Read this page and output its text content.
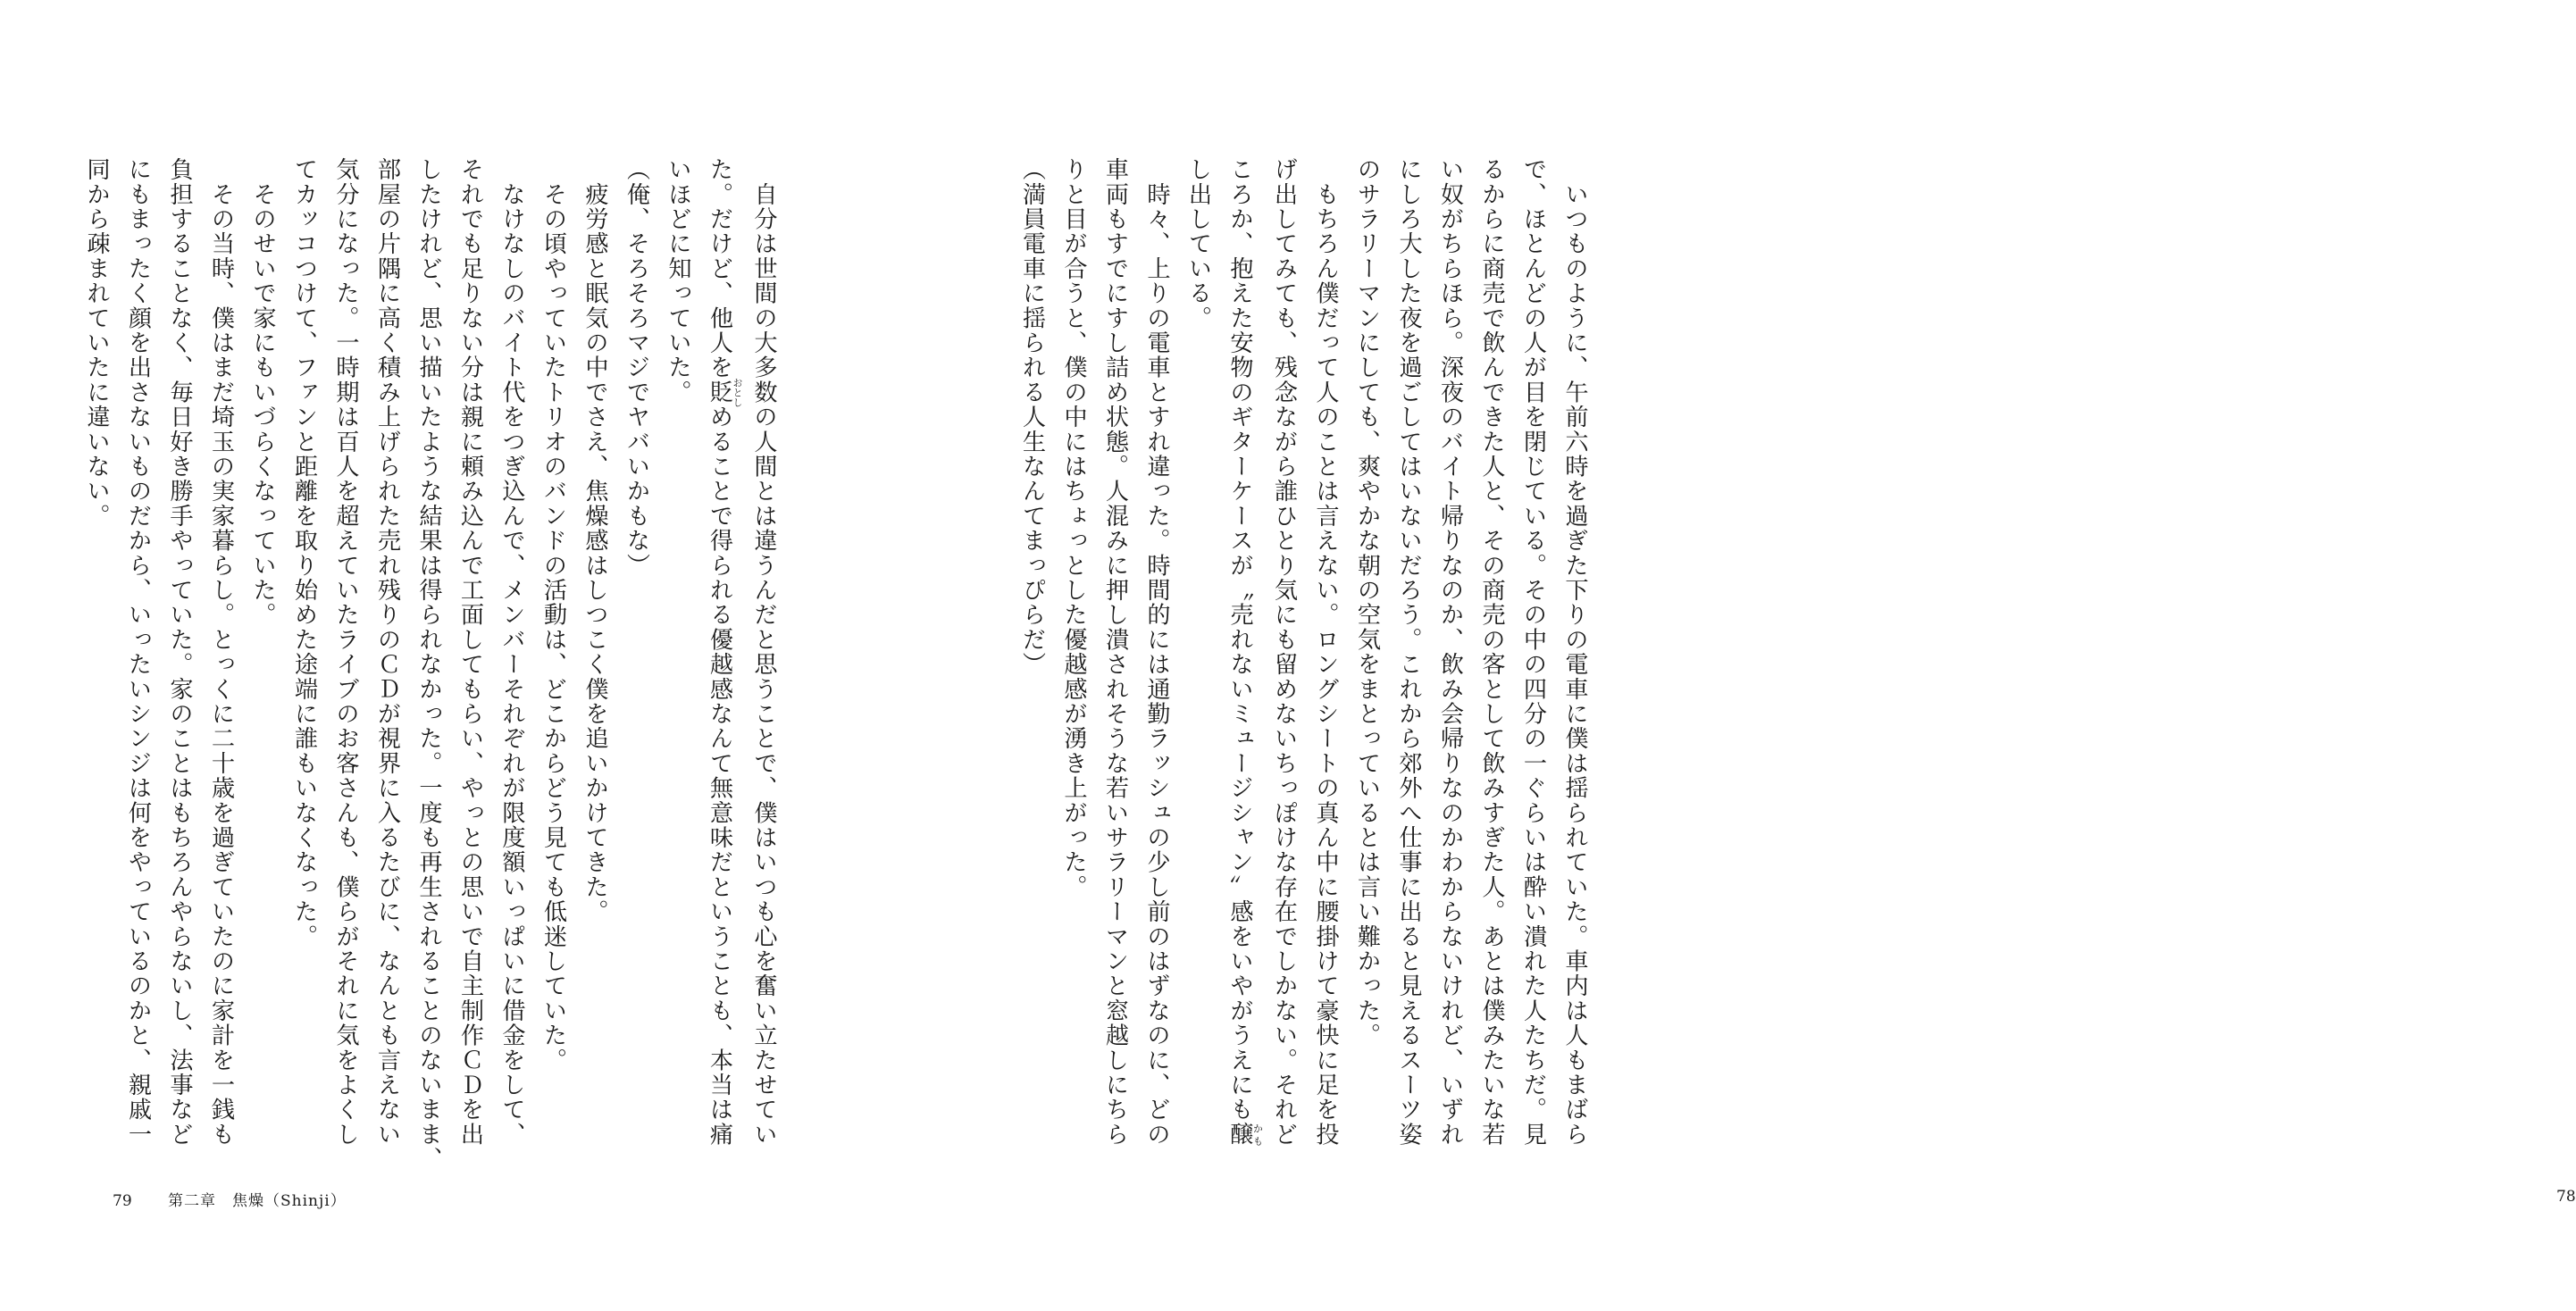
　いつものように、午前六時を過ぎた下りの電車に僕は揺られていた。車内は人もまばら
で、ほとんどの人が目を閉じている。その中の四分の一ぐらいは酔い潰れた人たちだ。見
るからに商売で飲んできた人と、その商売の客として飲みすぎた人。あとは僕みたいな若
い奴がちらほら。深夜のバイト帰りなのか、飲み会帰りなのかわからないけれど、いずれ
にしろ大した夜を過ごしてはいないだろう。これから郊外へ仕事に出ると見えるスーツ姿
のサラリーマンにしても、爽やかな朝の空気をまとっているとは言い難かった。
　もちろん僕だって人のことは言えない。ロングシートの真ん中に腰掛けて豪快に足を投
げ出してみても、残念ながら誰ひとり気にも留めないちっぽけな存在でしかない。それど
ころか、抱えた安物のギターケースが〝売れないミュージシャン〟感をいやがうえにも醸かも
し出している。
　時々、上りの電車とすれ違った。時間的には通勤ラッシュの少し前のはずなのに、どの
車両もすでにすし詰め状態。人混みに押し潰されそうな若いサラリーマンと窓越しにちら
りと目が合うと、僕の中にはちょっとした優越感が湧き上がった。
（満員電車に揺られる人生なんてまっぴらだ）
78
　自分は世間の大多数の人間とは違うんだと思うことで、僕はいつも心を奮い立たせてい
た。だけど、他人を貶おとしめることで得られる優越感なんて無意味だということも、本当は痛
いほどに知っていた。
（俺、そろそろマジでヤバいかもな）
　疲労感と眠気の中でさえ、焦燥感はしつこく僕を追いかけてきた。
　その頃やっていたトリオのバンドの活動は、どこからどう見ても低迷していた。
　なけなしのバイト代をつぎ込んで、メンバーそれぞれが限度額いっぱいに借金をして、
それでも足りない分は親に頼み込んで工面してもらい、やっとの思いで自主制作ＣＤを出
したけれど、思い描いたような結果は得られなかった。一度も再生されることのないまま、
部屋の片隅に高く積み上げられた売れ残りのＣＤが視界に入るたびに、なんとも言えない
気分になった。一時期は百人を超えていたライブのお客さんも、僕らがそれに気をよくし
てカッコつけて、ファンと距離を取り始めた途端に誰もいなくなった。
　そのせいで家にもいづらくなっていた。
　その当時、僕はまだ埼玉の実家暮らし。とっくに二十歳を過ぎていたのに家計を一銭も
負担することなく、毎日好き勝手やっていた。家のことはもちろんやらないし、法事など
にもまったく顔を出さないものだから、いったいシンジは何をやっているのかと、親戚一
同から疎まれていたに違いない。
79 第二章　焦燥（Shinji）
